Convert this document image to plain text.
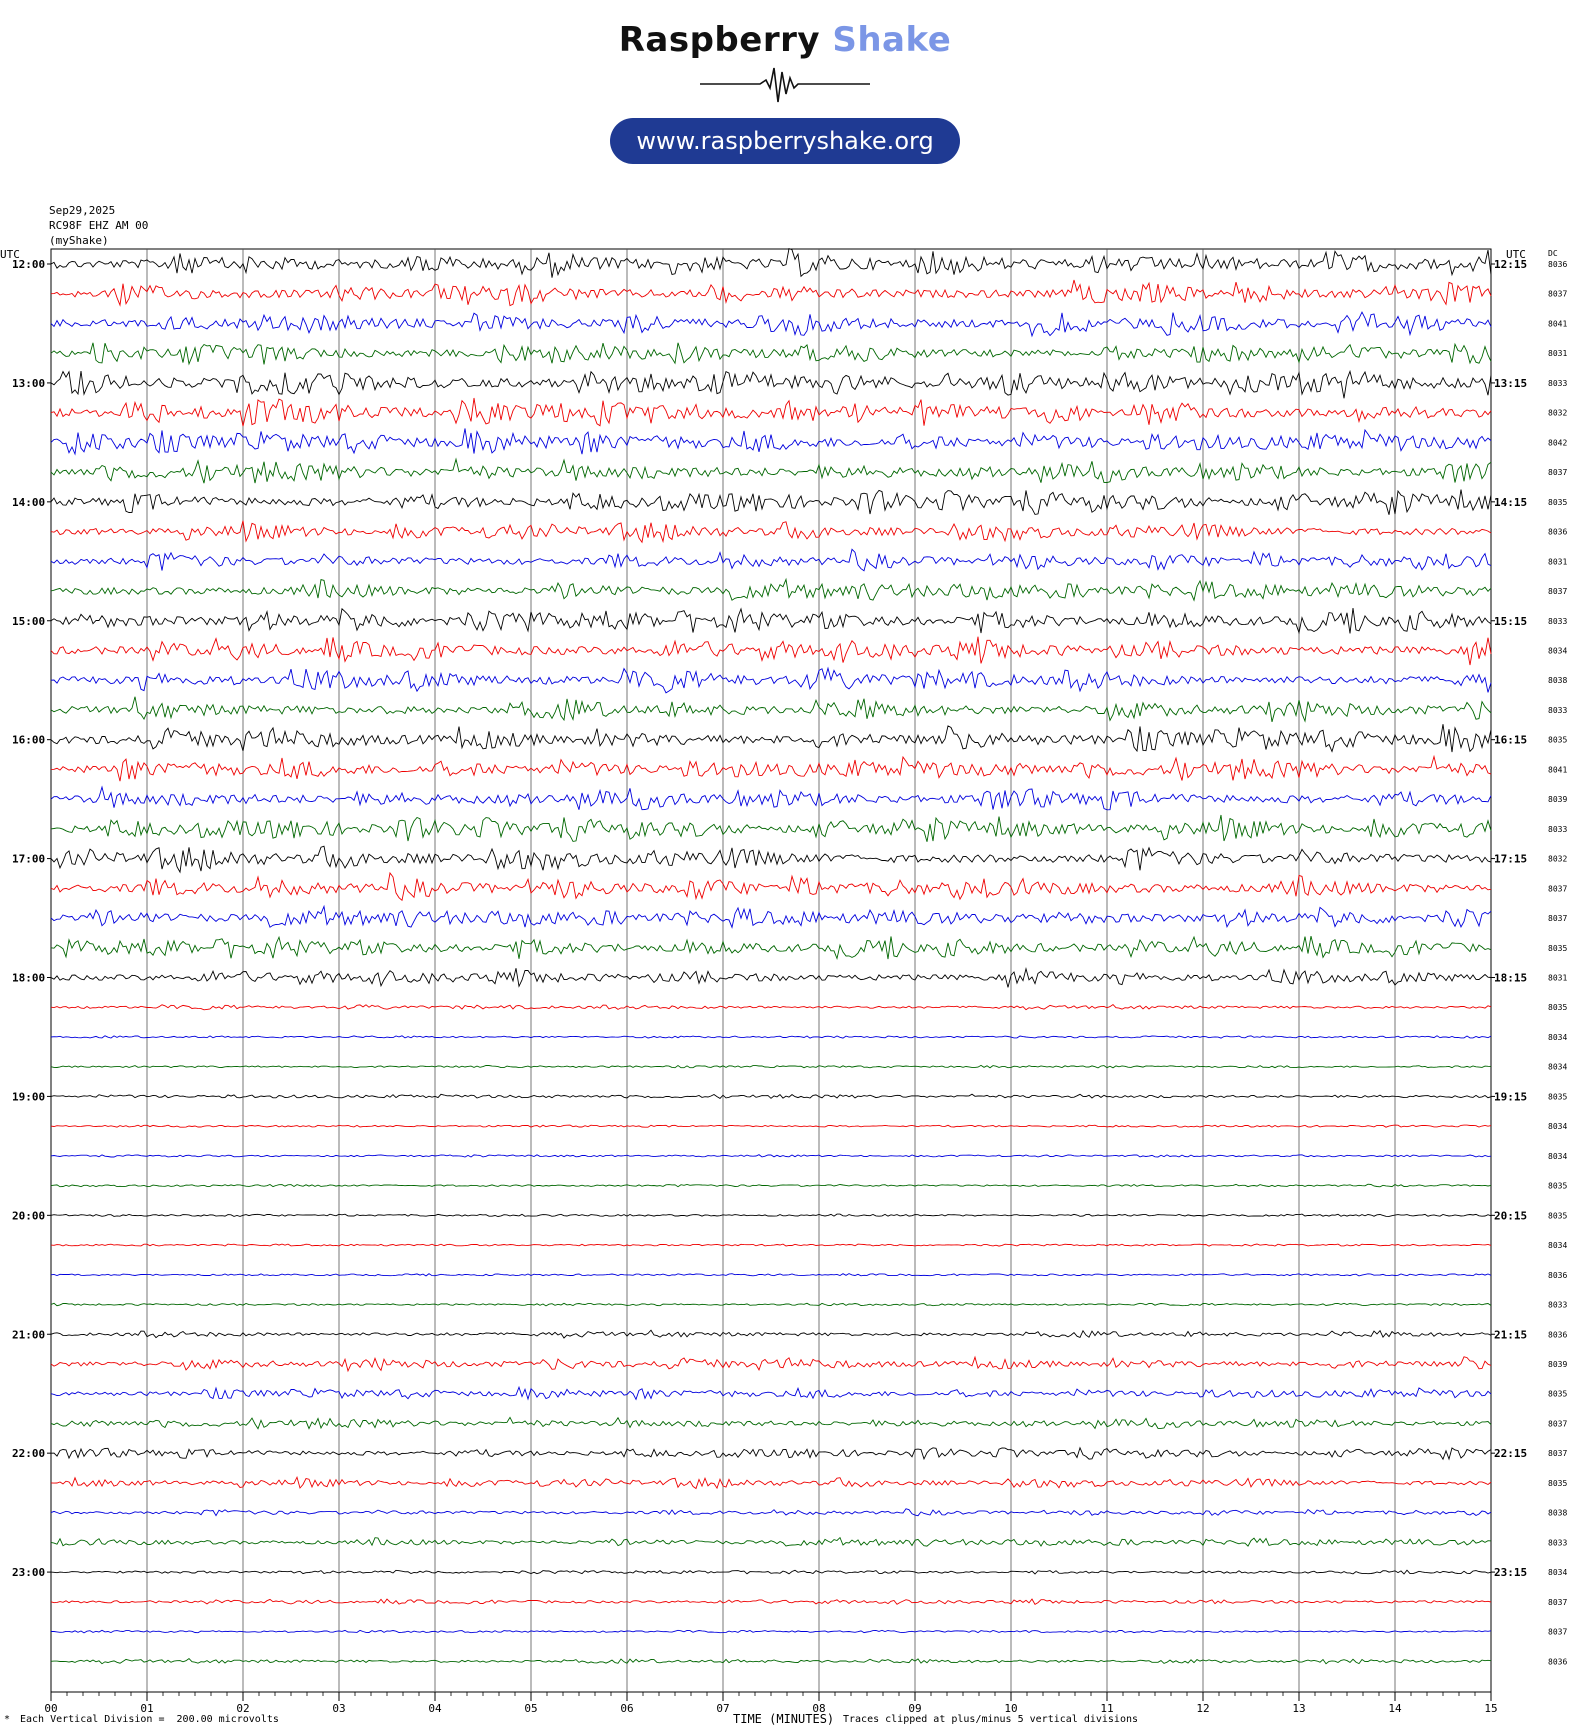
Raspberry Shake
www.raspberryshake.org
Sep29,2025
RC98F EHZ AM 00
(myShake)
00	01	02	03	04	05	06	07	08	09	10	11	12	13	14	15
UTC	UTC	DC
8036
12:00	12:15
8037
8041
8031
8033
13:00	13:15
8032
8042
8037
8035
14:00	14:15
8036
8031
8037
8033
15:00	15:15
8034
8038
8033
8035
16:00	16:15
8041
8039
8033
8032
17:00	17:15
8037
8037
8035
8031
18:00	18:15
8035
8034
8034
8035
19:00	19:15
8034
8034
8035
8035
20:00	20:15
8034
8036
8033
8036
21:00	21:15
8039
8035
8037
8037
22:00	22:15
8035
8038
8033
8034
23:00	23:15
8037
8037
8036
* Each Vertical Division =  200.00 microvolts	TIME (MINUTES) Traces clipped at plus/minus 5 vertical divisions
